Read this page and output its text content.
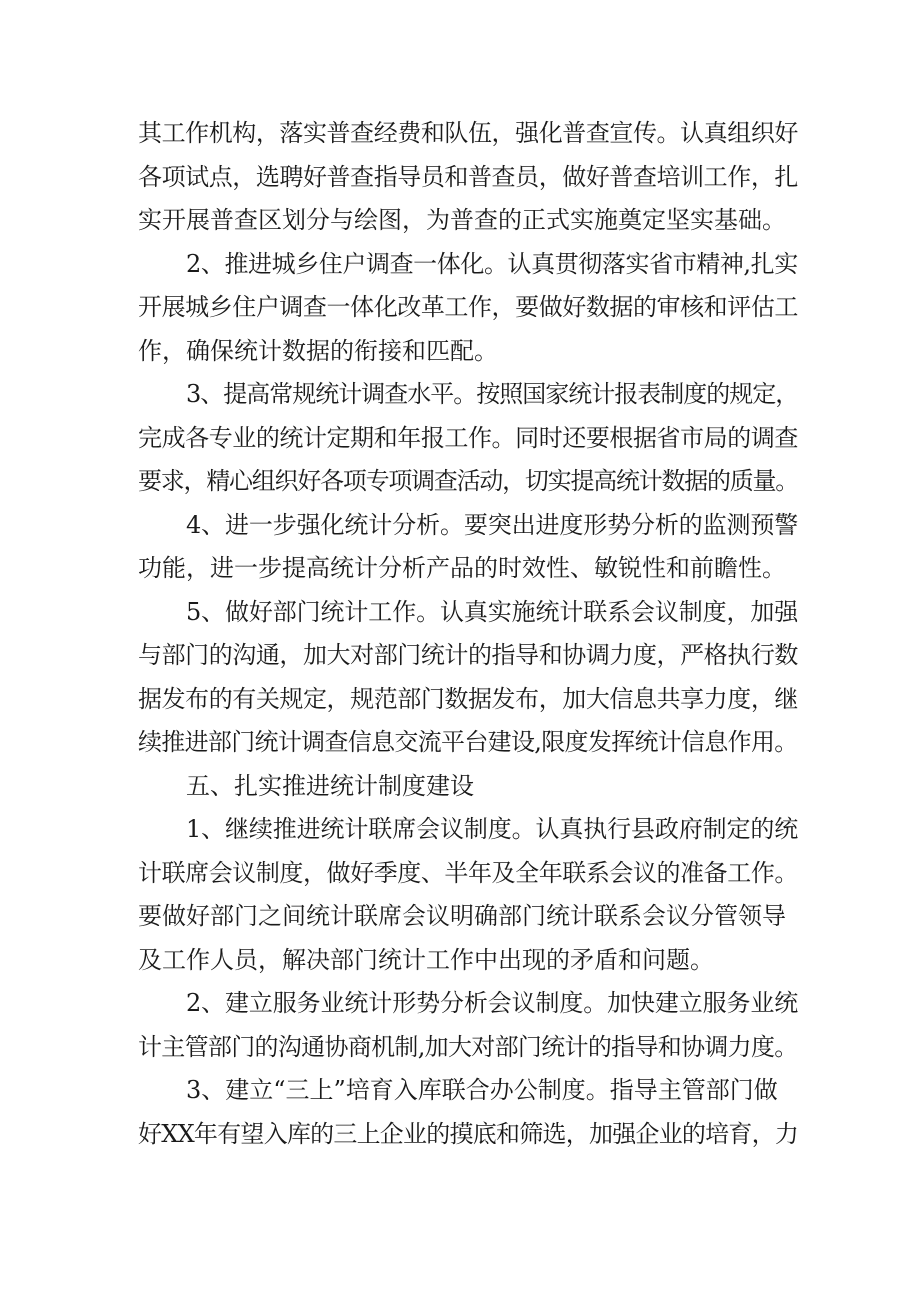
其工作机构，落实普查经费和队伍，强化普查宣传。认真组织好
各项试点，选聘好普查指导员和普查员，做好普查培训工作，扎
实开展普查区划分与绘图，为普查的正式实施奠定坚实基础。
2、推进城乡住户调查一体化。认真贯彻落实省市精神,扎实
开展城乡住户调查一体化改革工作，要做好数据的审核和评估工
作，确保统计数据的衔接和匹配。
3、提高常规统计调查水平。按照国家统计报表制度的规定，
完成各专业的统计定期和年报工作。同时还要根据省市局的调查
要求，精心组织好各项专项调查活动，切实提高统计数据的质量。
4、进一步强化统计分析。要突出进度形势分析的监测预警
功能，进一步提高统计分析产品的时效性、敏锐性和前瞻性。
5、做好部门统计工作。认真实施统计联系会议制度，加强
与部门的沟通，加大对部门统计的指导和协调力度，严格执行数
据发布的有关规定，规范部门数据发布，加大信息共享力度，继
续推进部门统计调查信息交流平台建设,限度发挥统计信息作用。
五、扎实推进统计制度建设
1、继续推进统计联席会议制度。认真执行县政府制定的统
计联席会议制度，做好季度、半年及全年联系会议的准备工作。
要做好部门之间统计联席会议明确部门统计联系会议分管领导
及工作人员，解决部门统计工作中出现的矛盾和问题。
2、建立服务业统计形势分析会议制度。加快建立服务业统
计主管部门的沟通协商机制,加大对部门统计的指导和协调力度。
3、建立“三上”培育入库联合办公制度。指导主管部门做
好XX年有望入库的三上企业的摸底和筛选，加强企业的培育，力
